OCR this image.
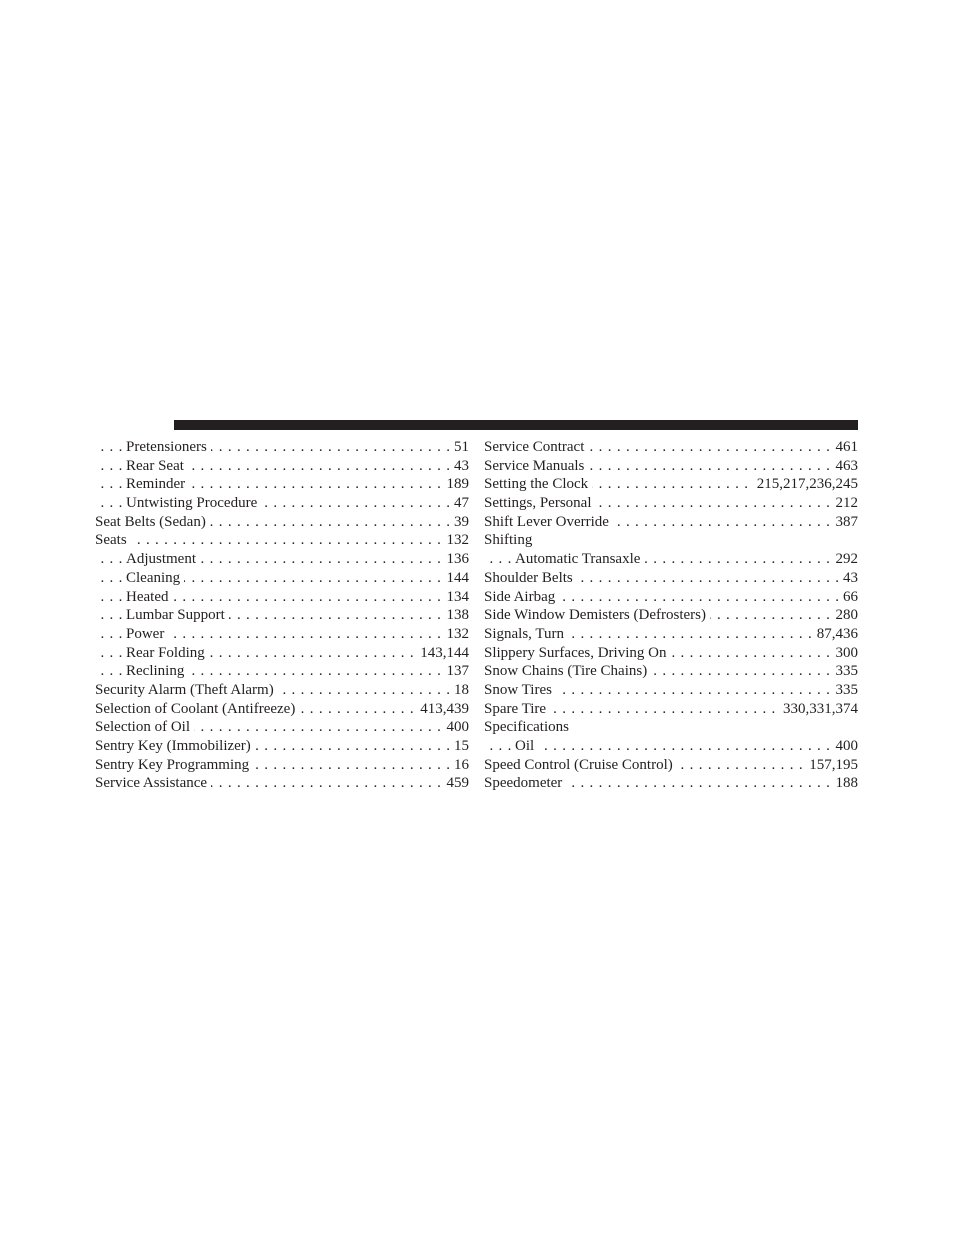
Pretensioners	51
. . .
Rear Seat	43
. . .
Reminder	189
. . .
Untwisting Procedure	47
. . .
Seat Belts (Sedan)	39
. . .
Seats	132
. . .
Adjustment	136
. . .
Cleaning	144
. . .
Heated	134
. . .
Lumbar Support	138
. . .
Power	132
. . .
Rear Folding	143,144
. . .
Reclining	137
. . .
Security Alarm (Theft Alarm)	18
. . .
Selection of Coolant (Antifreeze)	413,439
. . .
Selection of Oil	400
. . .
Sentry Key (Immobilizer)	15
. . .
Sentry Key Programming	16
. . .
Service Assistance	459
. . .
Service Contract	461
. . .
Service Manuals	463
. . .
Setting the Clock	215,217,236,245
. . .
Settings, Personal	212
. . .
Shift Lever Override	387
. . .
Shifting
Automatic Transaxle	292
. . .
Shoulder Belts	43
. . .
Side Airbag	66
. . .
Side Window Demisters (Defrosters)	280
. . .
Signals, Turn	87,436
. . .
Slippery Surfaces, Driving On	300
. . .
Snow Chains (Tire Chains)	335
. . .
Snow Tires	335
. . .
Spare Tire	330,331,374
. . .
Specifications
Oil	400
. . .
Speed Control (Cruise Control)	157,195
. . .
Speedometer	188
. . .
